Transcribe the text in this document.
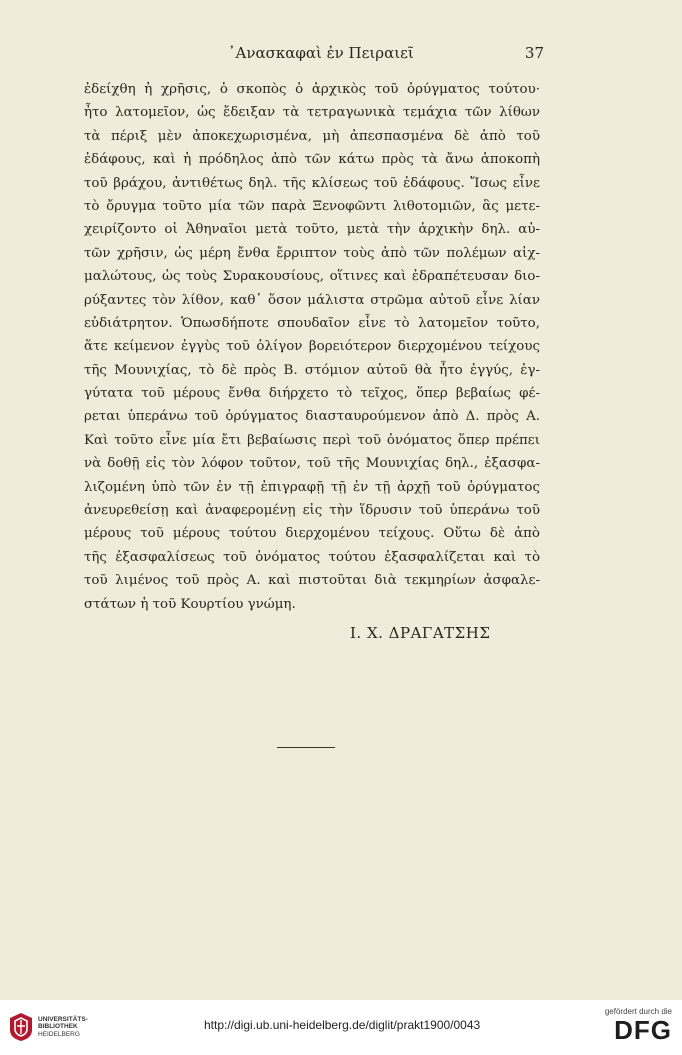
᾿Ανασκαφαὶ ἐν Πειραιεῖ	37
ἐδείχθη ἡ χρῆσις, ὁ σκοπὸς ὁ ἀρχικὸς τοῦ ὀρύγματος τούτου·
ἦτο λατομεῖον, ὡς ἔδειξαν τὰ τετραγωνικὰ τεμάχια τῶν λίθων
τὰ πέριξ μὲν ἀποκεχωρισμένα, μὴ ἀπεσπασμένα δὲ ἀπὸ τοῦ
ἐδάφους, καὶ ἡ πρόδηλος ἀπὸ τῶν κάτω πρὸς τὰ ἄνω ἀποκοπὴ
τοῦ βράχου, ἀντιθέτως δηλ. τῆς κλίσεως τοῦ ἐδάφους. Ἴσως εἶνε
τὸ ὄρυγμα τοῦτο μία τῶν παρὰ Ξενοφῶντι λιθοτομιῶν, ἃς μετε-
χειρίζοντο οἱ Ἀθηναῖοι μετὰ τοῦτο, μετὰ τὴν ἀρχικὴν δηλ. αὐ-
τῶν χρῆσιν, ὡς μέρη ἔνθα ἔρριπτον τοὺς ἀπὸ τῶν πολέμων αἰχ-
μαλώτους, ὡς τοὺς Συρακουσίους, οἵτινες καὶ ἐδραπέτευσαν διο-
ρύξαντες τὸν λίθον, καθ᾽ ὅσον μάλιστα στρῶμα αὐτοῦ εἶνε λίαν
εὐδιάτρητον. Ὁπωσδήποτε σπουδαῖον εἶνε τὸ λατομεῖον τοῦτο,
ἅτε κείμενον ἐγγὺς τοῦ ὀλίγον βορειότερον διερχομένου τείχους
τῆς Μουνιχίας, τὸ δὲ πρὸς Β. στόμιον αὐτοῦ θὰ ἦτο ἐγγύς, ἐγ-
γύτατα τοῦ μέρους ἔνθα διήρχετο τὸ τεῖχος, ὅπερ βεβαίως φέ-
ρεται ὑπεράνω τοῦ ὀρύγματος διασταυρούμενον ἀπὸ Δ. πρὸς Α.
Καὶ τοῦτο εἶνε μία ἔτι βεβαίωσις περὶ τοῦ ὀνόματος ὅπερ πρέπει
νὰ δοθῇ εἰς τὸν λόφον τοῦτον, τοῦ τῆς Μουνιχίας δηλ., ἐξασφα-
λιζομένη ὑπὸ τῶν ἐν τῇ ἐπιγραφῇ τῇ ἐν τῇ ἀρχῇ τοῦ ὀρύγματος
ἀνευρεθείσῃ καὶ ἀναφερομένῃ εἰς τὴν ἵδρυσιν τοῦ ὑπεράνω τοῦ
μέρους τοῦ μέρους τούτου διερχομένου τείχους. Οὕτω δὲ ἀπὸ
τῆς ἐξασφαλίσεως τοῦ ὀνόματος τούτου ἐξασφαλίζεται καὶ τὸ
τοῦ λιμένος τοῦ πρὸς Α. καὶ πιστοῦται διὰ τεκμηρίων ἀσφαλε-
στάτων ἡ τοῦ Κουρτίου γνώμη.
Ι. Χ. ΔΡΑΓΑΤΣΗΣ
UNIVERSITÄTS-
BIBLIOTHEK
HEIDELBERG
http://digi.ub.uni-heidelberg.de/diglit/prakt1900/0043
gefördert durch die
DFG
